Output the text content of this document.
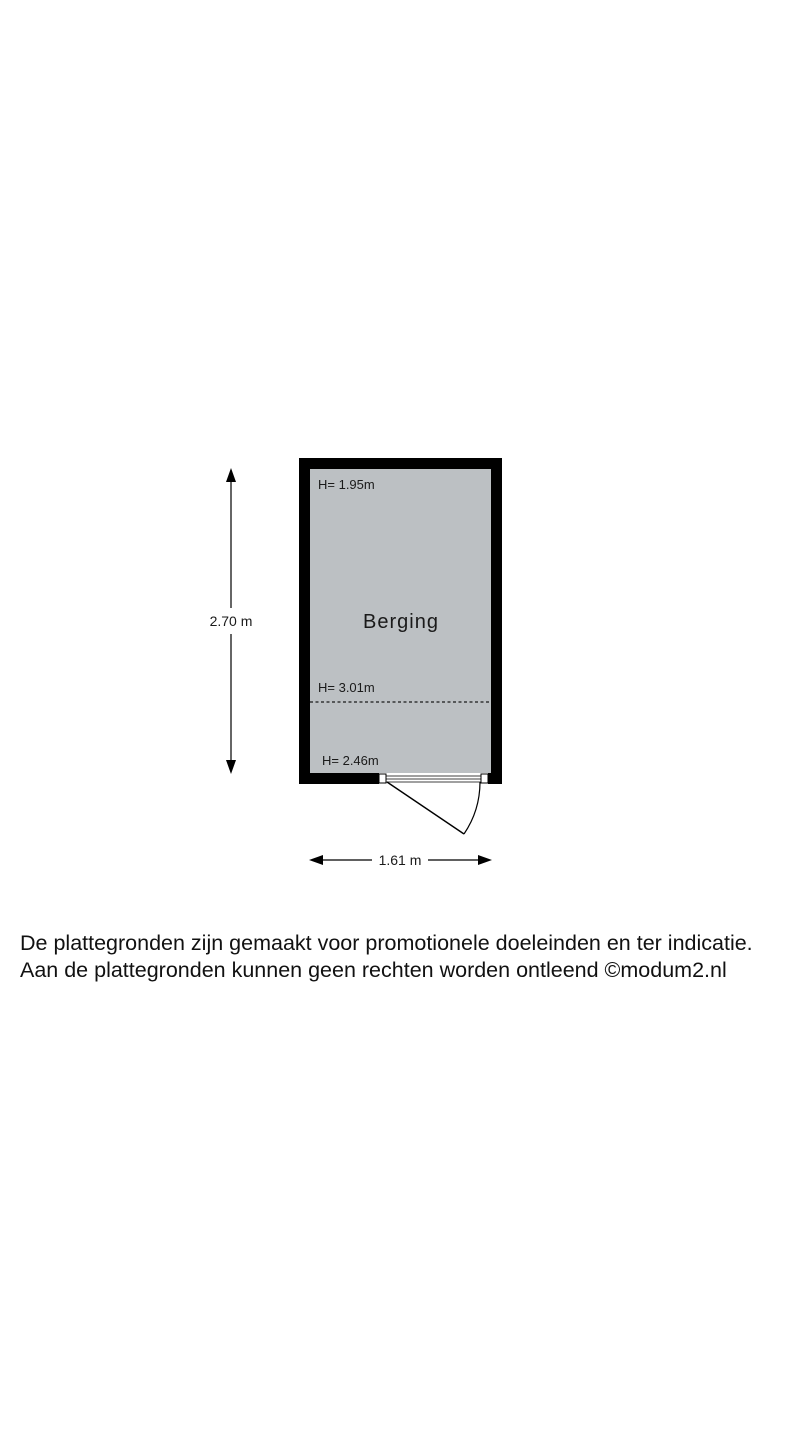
2.70 m
1.61 m
H= 1.95m
Berging
H= 3.01m
H= 2.46m
De plattegronden zijn gemaakt voor promotionele doeleinden en ter indicatie.
Aan de plattegronden kunnen geen rechten worden ontleend ©modum2.nl
